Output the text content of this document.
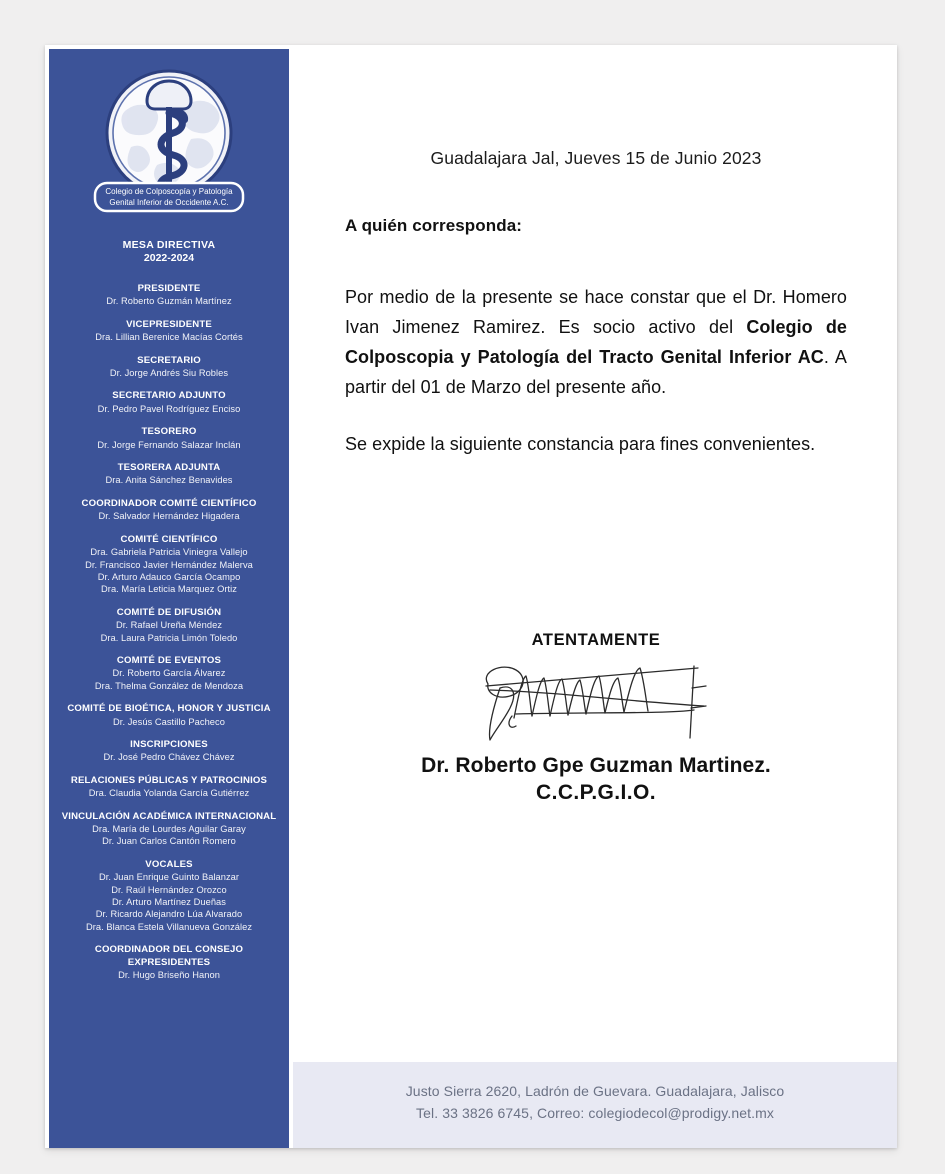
Colegio de Colposcopía y Patología
Genital Inferior de Occidente A.C.
MESA DIRECTIVA
2022-2024
PRESIDENTE
Dr. Roberto Guzmán Martínez
VICEPRESIDENTE
Dra. Lillian Berenice Macías Cortés
SECRETARIO
Dr. Jorge Andrés Siu Robles
SECRETARIO ADJUNTO
Dr. Pedro Pavel Rodríguez Enciso
TESORERO
Dr. Jorge Fernando Salazar Inclán
TESORERA ADJUNTA
Dra. Anita Sánchez Benavides
COORDINADOR COMITÉ CIENTÍFICO
Dr. Salvador Hernández Higadera
COMITÉ CIENTÍFICO
Dra. Gabriela Patricia Viniegra Vallejo
Dr. Francisco Javier Hernández Malerva
Dr. Arturo Adauco García Ocampo
Dra. María Leticia Marquez Ortiz
COMITÉ DE DIFUSIÓN
Dr. Rafael Ureña Méndez
Dra. Laura Patricia Limón Toledo
COMITÉ DE EVENTOS
Dr. Roberto García Álvarez
Dra. Thelma González de Mendoza
COMITÉ DE BIOÉTICA, HONOR Y JUSTICIA
Dr. Jesús Castillo Pacheco
INSCRIPCIONES
Dr. José Pedro Chávez Chávez
RELACIONES PÚBLICAS Y PATROCINIOS
Dra. Claudia Yolanda García Gutiérrez
VINCULACIÓN ACADÉMICA INTERNACIONAL
Dra. María de Lourdes Aguilar Garay
Dr. Juan Carlos Cantón Romero
VOCALES
Dr. Juan Enrique Guinto Balanzar
Dr. Raúl Hernández Orozco
Dr. Arturo Martínez Dueñas
Dr. Ricardo Alejandro Lúa Alvarado
Dra. Blanca Estela Villanueva González
COORDINADOR DEL CONSEJO EXPRESIDENTES
Dr. Hugo Briseño Hanon
Guadalajara Jal, Jueves 15 de Junio 2023
A quién corresponda:
Por medio de la presente se hace constar que el Dr. Homero Ivan Jimenez Ramirez. Es socio activo del Colegio de Colposcopia y Patología del Tracto Genital Inferior AC. A partir del 01 de Marzo del presente año.
Se expide la siguiente constancia para fines convenientes.
ATENTAMENTE
Dr. Roberto Gpe Guzman Martinez.
C.C.P.G.I.O.
Justo Sierra 2620, Ladrón de Guevara. Guadalajara, Jalisco
Tel. 33 3826 6745, Correo: colegiodecol@prodigy.net.mx
